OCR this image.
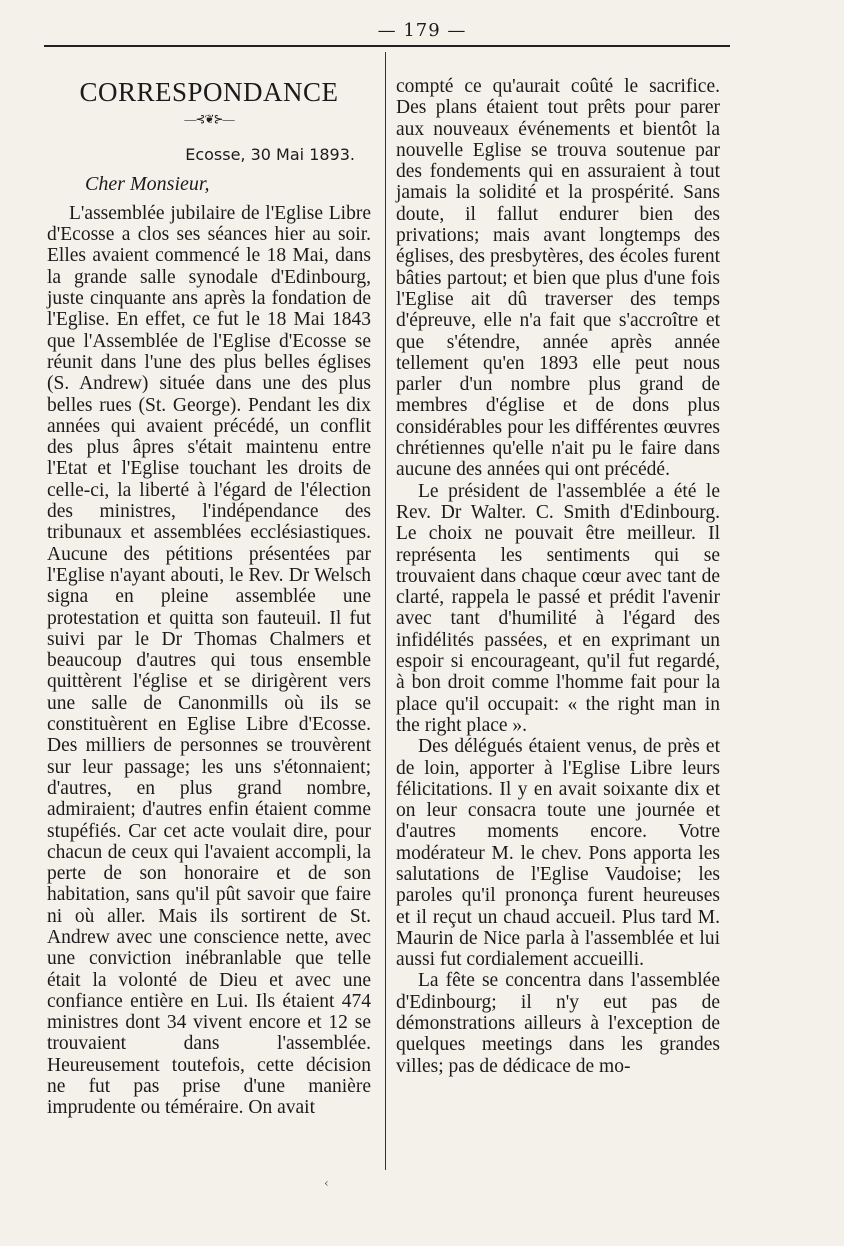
— 179 —
CORRESPONDANCE
—⊰❦⊱—
Ecosse, 30 Mai 1893.
Cher Monsieur,

L'assemblée jubilaire de l'Eglise Libre d'Ecosse a clos ses séances hier au soir. Elles avaient commencé le 18 Mai, dans la grande salle synodale d'Edinbourg, juste cinquante ans après la fondation de l'Eglise. En effet, ce fut le 18 Mai 1843 que l'Assemblée de l'Eglise d'Ecosse se réunit dans l'une des plus belles églises (S. Andrew) située dans une des plus belles rues (St. George). Pendant les dix années qui avaient précédé, un conflit des plus âpres s'était maintenu entre l'Etat et l'Eglise touchant les droits de celle-ci, la liberté à l'égard de l'élection des ministres, l'indépendance des tribunaux et assemblées ecclésiastiques. Aucune des pétitions présentées par l'Eglise n'ayant abouti, le Rev. Dr Welsch signa en pleine assemblée une protestation et quitta son fauteuil. Il fut suivi par le Dr Thomas Chalmers et beaucoup d'autres qui tous ensemble quittèrent l'église et se dirigèrent vers une salle de Canonmills où ils se constituèrent en Eglise Libre d'Ecosse. Des milliers de personnes se trouvèrent sur leur passage; les uns s'étonnaient; d'autres, en plus grand nombre, admiraient; d'autres enfin étaient comme stupéfiés. Car cet acte voulait dire, pour chacun de ceux qui l'avaient accompli, la perte de son honoraire et de son habitation, sans qu'il pût savoir que faire ni où aller. Mais ils sortirent de St. Andrew avec une conscience nette, avec une conviction inébranlable que telle était la volonté de Dieu et avec une confiance entière en Lui. Ils étaient 474 ministres dont 34 vivent encore et 12 se trouvaient dans l'assemblée. Heureusement toutefois, cette décision ne fut pas prise d'une manière imprudente ou téméraire. On avait

compté ce qu'aurait coûté le sacrifice. Des plans étaient tout prêts pour parer aux nouveaux événements et bientôt la nouvelle Eglise se trouva soutenue par des fondements qui en assuraient à tout jamais la solidité et la prospérité. Sans doute, il fallut endurer bien des privations; mais avant longtemps des églises, des presbytères, des écoles furent bâties partout; et bien que plus d'une fois l'Eglise ait dû traverser des temps d'épreuve, elle n'a fait que s'accroître et que s'étendre, année après année tellement qu'en 1893 elle peut nous parler d'un nombre plus grand de membres d'église et de dons plus considérables pour les différentes œuvres chrétiennes qu'elle n'ait pu le faire dans aucune des années qui ont précédé.

Le président de l'assemblée a été le Rev. Dr Walter. C. Smith d'Edinbourg. Le choix ne pouvait être meilleur. Il représenta les sentiments qui se trouvaient dans chaque cœur avec tant de clarté, rappela le passé et prédit l'avenir avec tant d'humilité à l'égard des infidélités passées, et en exprimant un espoir si encourageant, qu'il fut regardé, à bon droit comme l'homme fait pour la place qu'il occupait: « the right man in the right place ».

Des délégués étaient venus, de près et de loin, apporter à l'Eglise Libre leurs félicitations. Il y en avait soixante dix et on leur consacra toute une journée et d'autres moments encore. Votre modérateur M. le chev. Pons apporta les salutations de l'Eglise Vaudoise; les paroles qu'il prononça furent heureuses et il reçut un chaud accueil. Plus tard M. Maurin de Nice parla à l'assemblée et lui aussi fut cordialement accueilli.

La fête se concentra dans l'assemblée d'Edinbourg; il n'y eut pas de démonstrations ailleurs à l'exception de quelques meetings dans les grandes villes; pas de dédicace de mo-

‹
